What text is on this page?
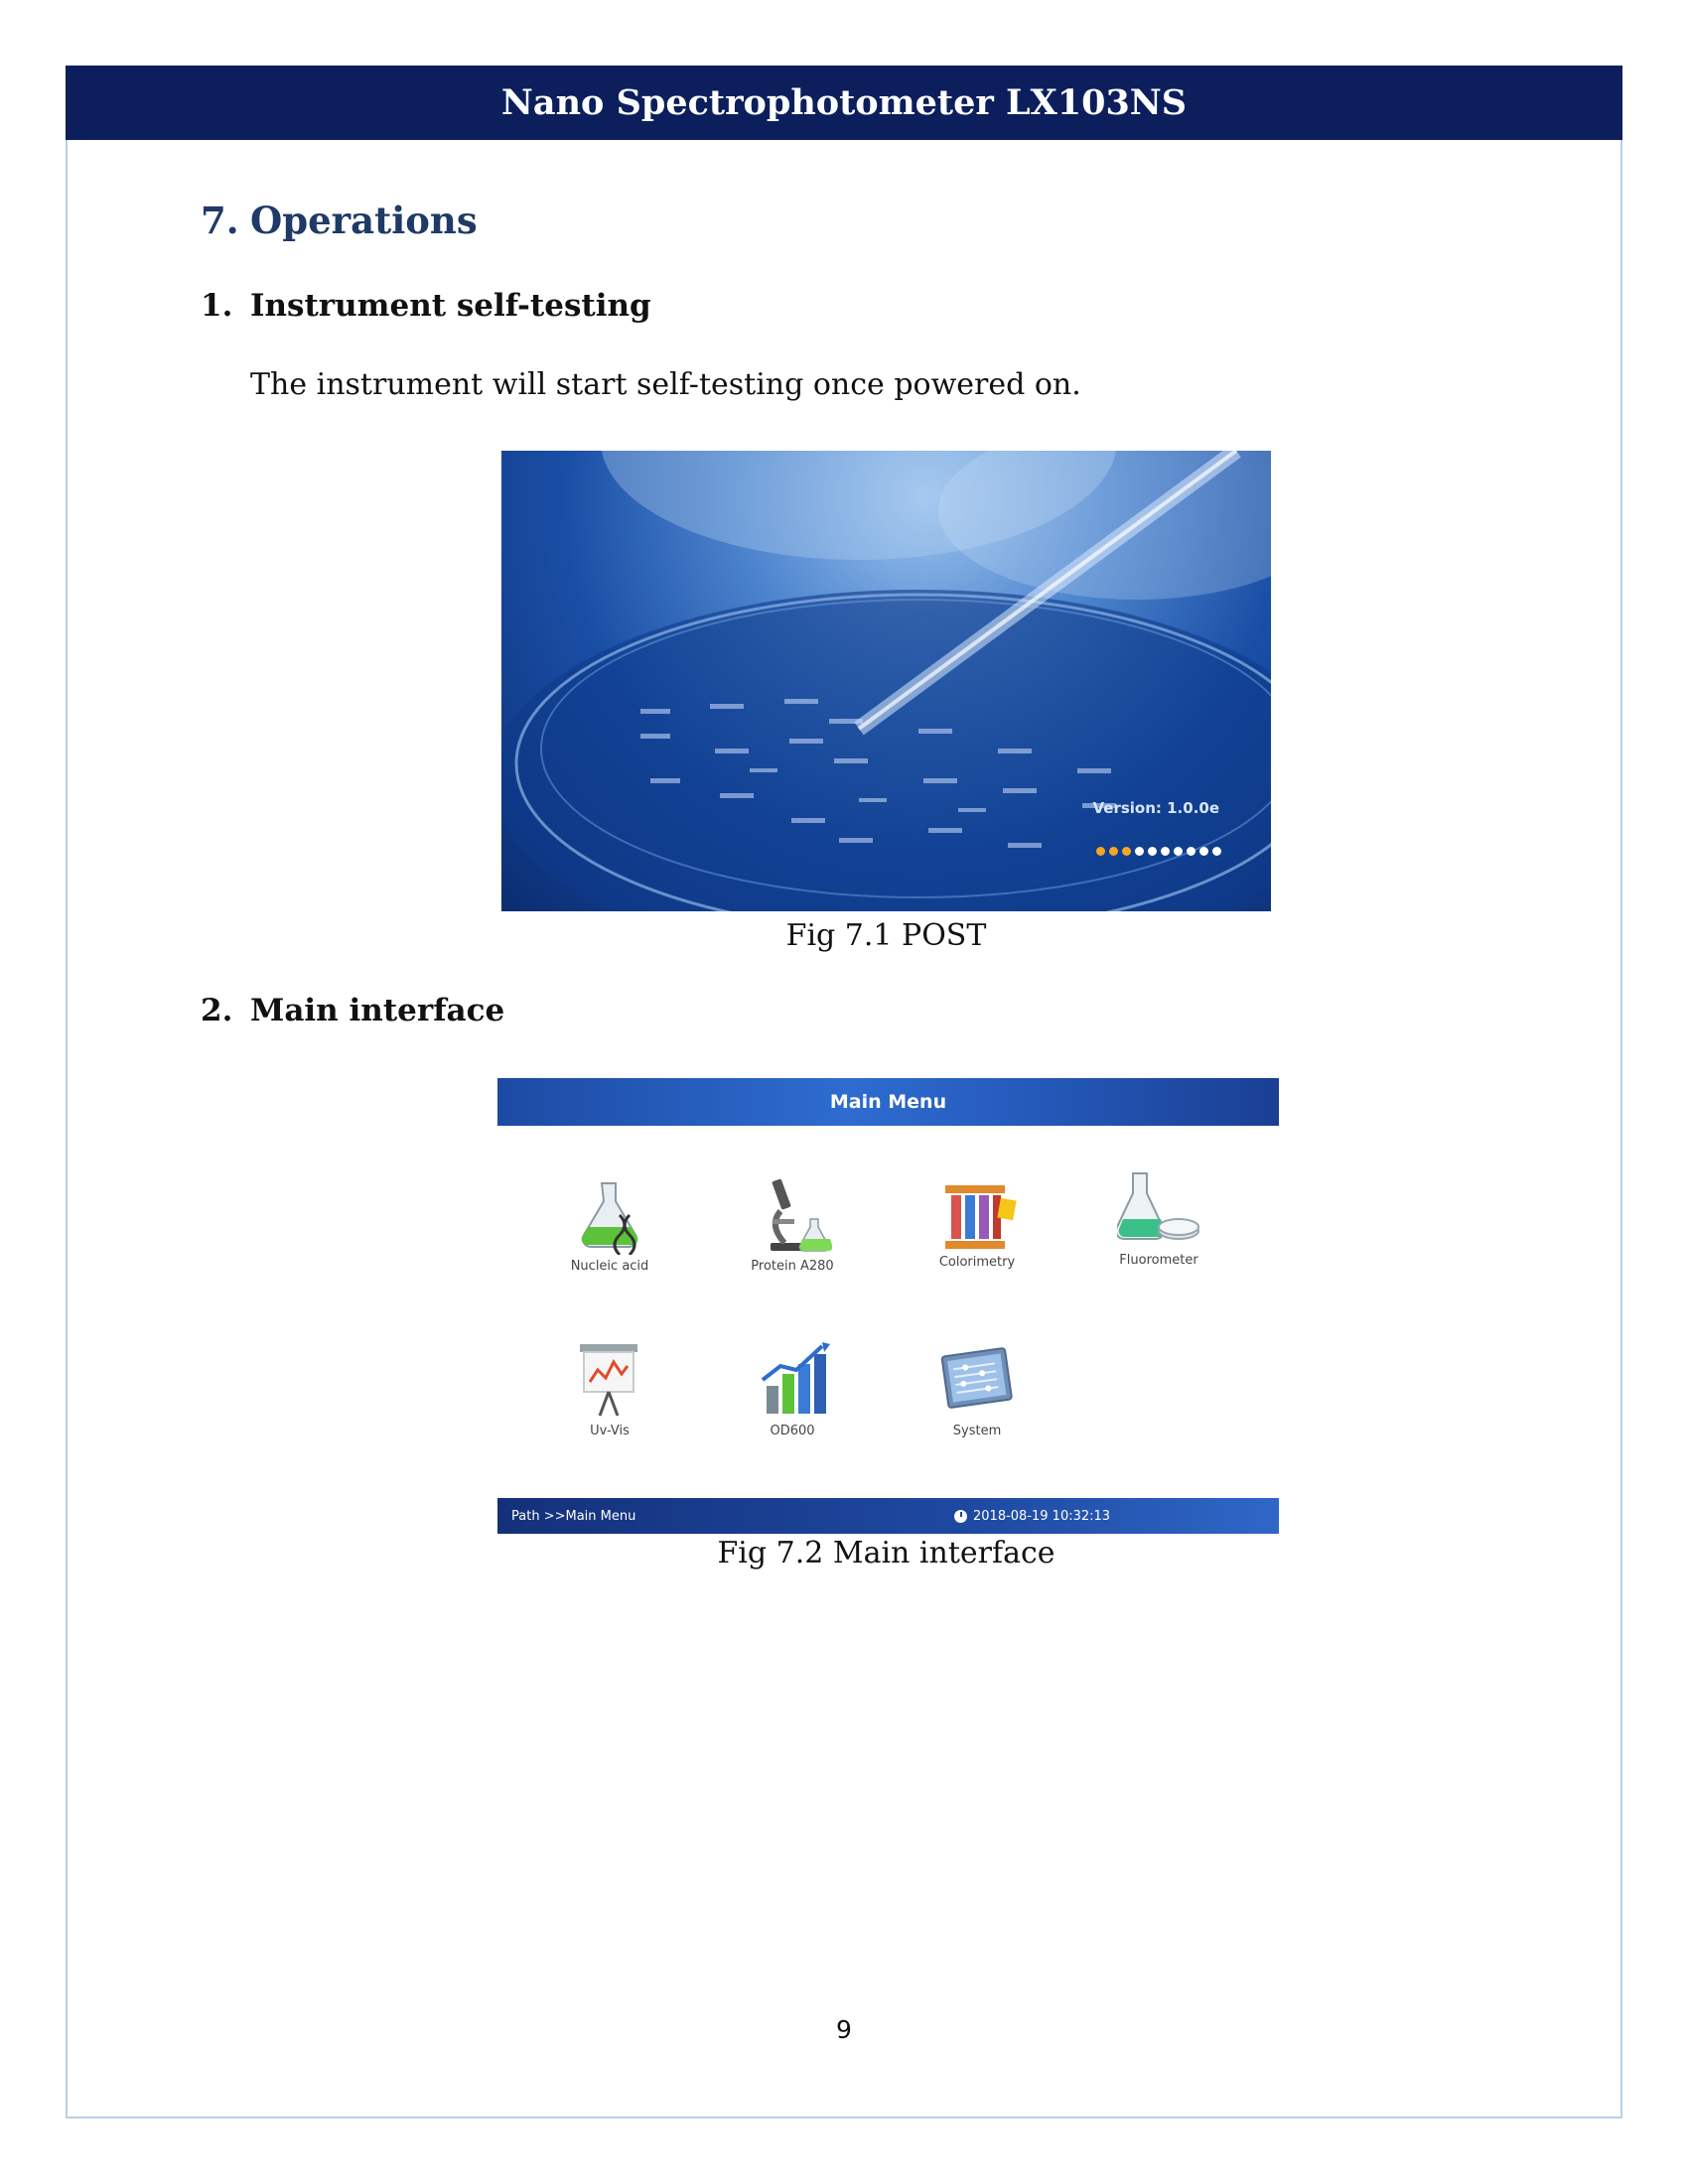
Nano Spectrophotometer LX103NS
7. Operations
1. Instrument self-testing
The instrument will start self-testing once powered on.
Version: 1.0.0e
Fig 7.1 POST
2. Main interface
Main Menu
Nucleic acid	Protein A280	Colorimetry	Fluorometer
Uv-Vis	OD600	System
Path >>Main Menu	2018-08-19 10:32:13
Fig 7.2 Main interface
9
